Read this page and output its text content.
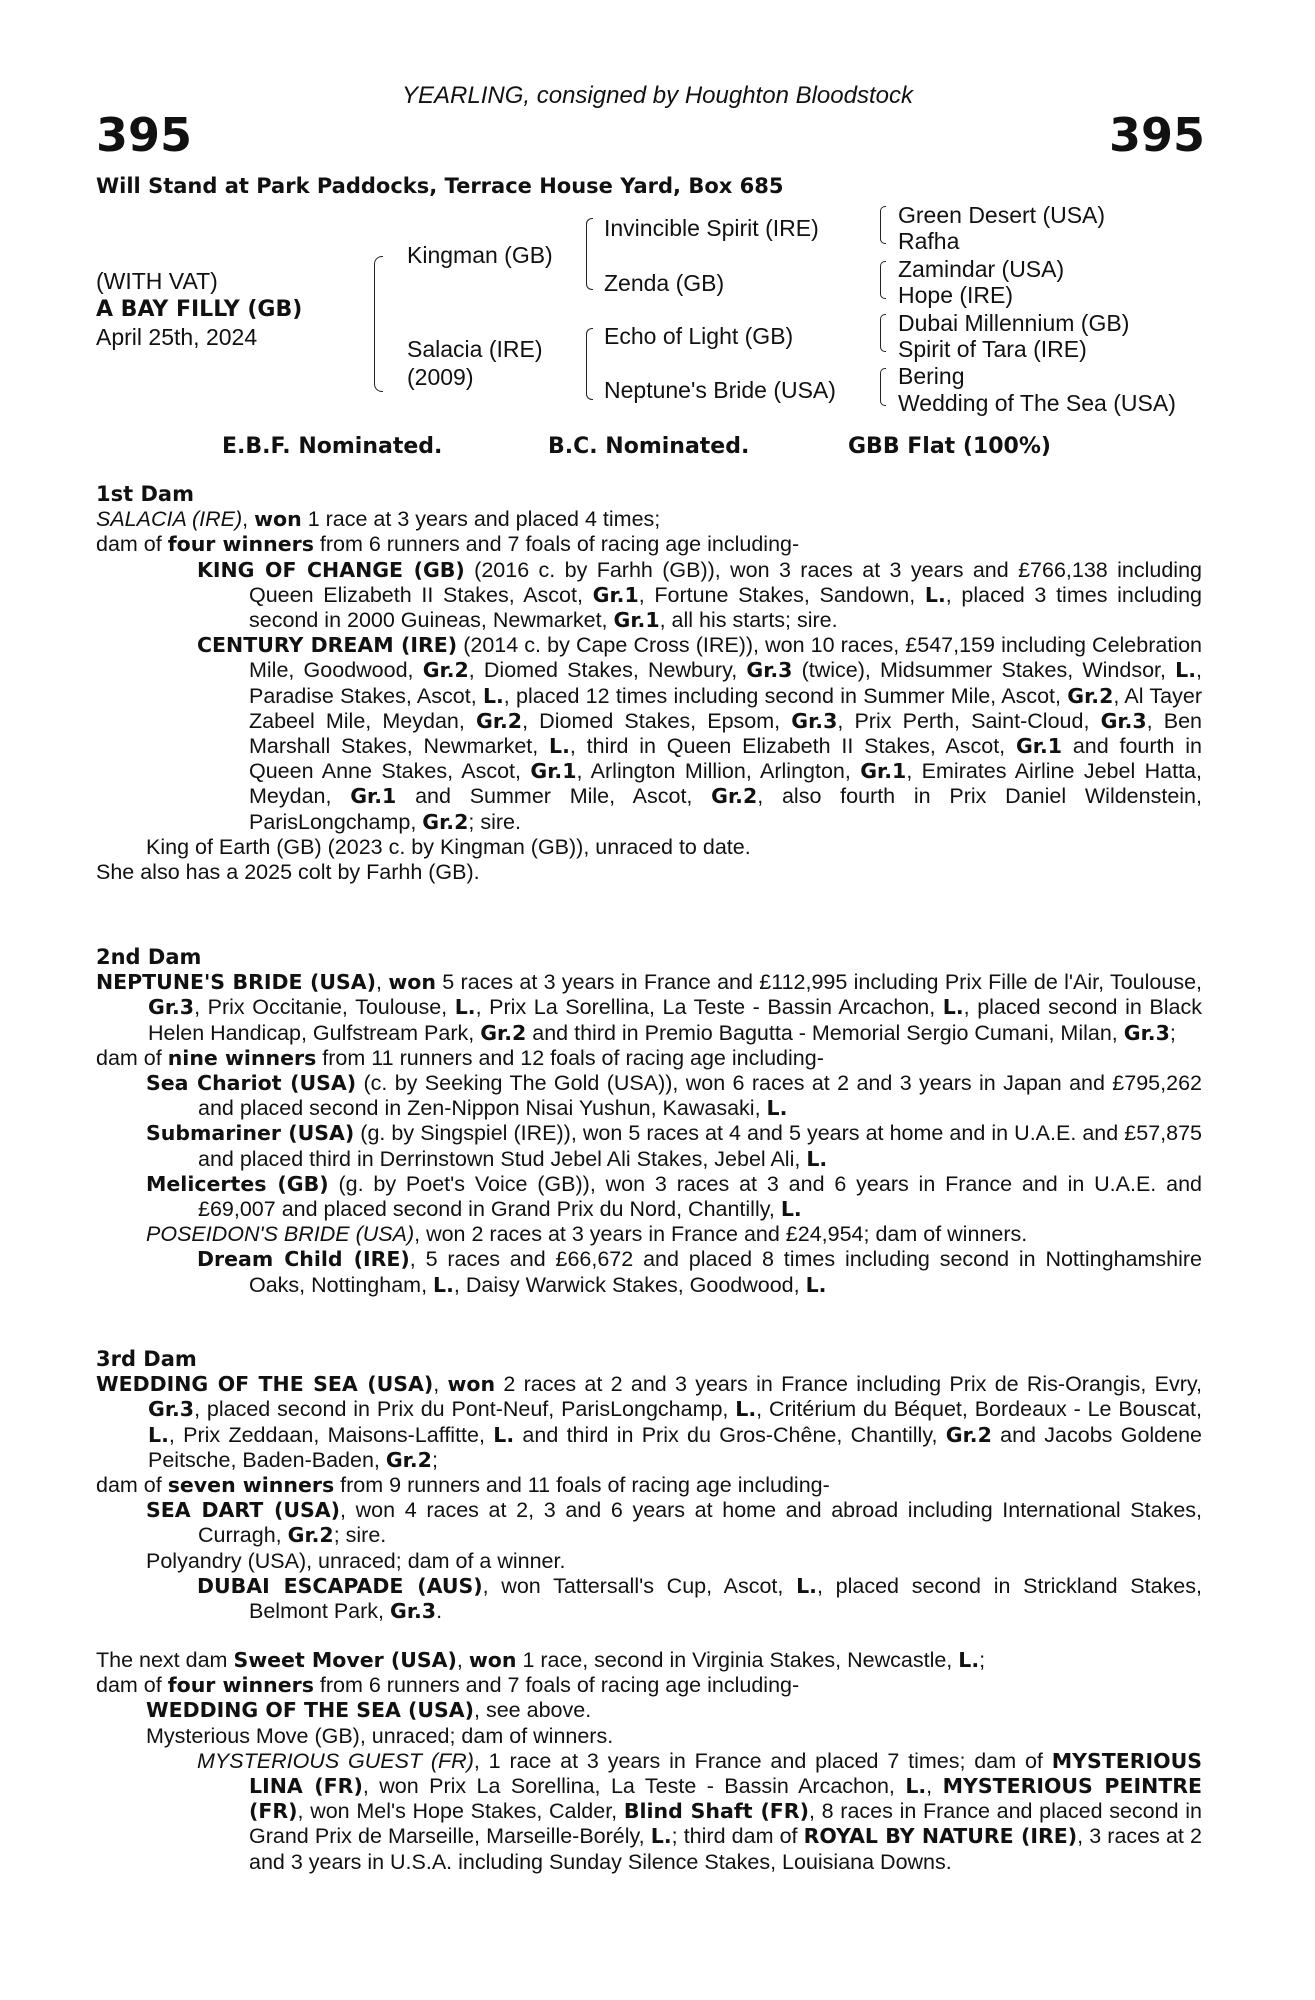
YEARLING, consigned by Houghton Bloodstock
395	395
Will Stand at Park Paddocks, Terrace House Yard, Box 685
(WITH VAT)
A BAY FILLY (GB)
April 25th, 2024
Kingman (GB)
Salacia (IRE)
(2009)
Invincible Spirit (IRE)
Zenda (GB)
Echo of Light (GB)
Neptune's Bride (USA)
Green Desert (USA)
Rafha
Zamindar (USA)
Hope (IRE)
Dubai Millennium (GB)
Spirit of Tara (IRE)
Bering
Wedding of The Sea (USA)
E.B.F. Nominated.	B.C. Nominated.	GBB Flat (100%)
1st Dam

SALACIA (IRE), won 1 race at 3 years and placed 4 times;

dam of four winners from 6 runners and 7 foals of racing age including-

KING OF CHANGE (GB) (2016 c. by Farhh (GB)), won 3 races at 3 years and £766,138 including Queen Elizabeth II Stakes, Ascot, Gr.1, Fortune Stakes, Sandown, L., placed 3 times including second in 2000 Guineas, Newmarket, Gr.1, all his starts; sire.

CENTURY DREAM (IRE) (2014 c. by Cape Cross (IRE)), won 10 races, £547,159 including Celebration Mile, Goodwood, Gr.2, Diomed Stakes, Newbury, Gr.3 (twice), Midsummer Stakes, Windsor, L., Paradise Stakes, Ascot, L., placed 12 times including second in Summer Mile, Ascot, Gr.2, Al Tayer Zabeel Mile, Meydan, Gr.2, Diomed Stakes, Epsom, Gr.3, Prix Perth, Saint-Cloud, Gr.3, Ben Marshall Stakes, Newmarket, L., third in Queen Elizabeth II Stakes, Ascot, Gr.1 and fourth in Queen Anne Stakes, Ascot, Gr.1, Arlington Million, Arlington, Gr.1, Emirates Airline Jebel Hatta, Meydan, Gr.1 and Summer Mile, Ascot, Gr.2, also fourth in Prix Daniel Wildenstein, ParisLongchamp, Gr.2; sire.

King of Earth (GB) (2023 c. by Kingman (GB)), unraced to date.

She also has a 2025 colt by Farhh (GB).

2nd Dam

NEPTUNE'S BRIDE (USA), won 5 races at 3 years in France and £112,995 including Prix Fille de l'Air, Toulouse, Gr.3, Prix Occitanie, Toulouse, L., Prix La Sorellina, La Teste - Bassin Arcachon, L., placed second in Black Helen Handicap, Gulfstream Park, Gr.2 and third in Premio Bagutta - Memorial Sergio Cumani, Milan, Gr.3;

dam of nine winners from 11 runners and 12 foals of racing age including-

Sea Chariot (USA) (c. by Seeking The Gold (USA)), won 6 races at 2 and 3 years in Japan and £795,262 and placed second in Zen-Nippon Nisai Yushun, Kawasaki, L.

Submariner (USA) (g. by Singspiel (IRE)), won 5 races at 4 and 5 years at home and in U.A.E. and £57,875 and placed third in Derrinstown Stud Jebel Ali Stakes, Jebel Ali, L.

Melicertes (GB) (g. by Poet's Voice (GB)), won 3 races at 3 and 6 years in France and in U.A.E. and £69,007 and placed second in Grand Prix du Nord, Chantilly, L.

POSEIDON'S BRIDE (USA), won 2 races at 3 years in France and £24,954; dam of winners.

Dream Child (IRE), 5 races and £66,672 and placed 8 times including second in Nottinghamshire Oaks, Nottingham, L., Daisy Warwick Stakes, Goodwood, L.

3rd Dam

WEDDING OF THE SEA (USA), won 2 races at 2 and 3 years in France including Prix de Ris-Orangis, Evry, Gr.3, placed second in Prix du Pont-Neuf, ParisLongchamp, L., Critérium du Béquet, Bordeaux - Le Bouscat, L., Prix Zeddaan, Maisons-Laffitte, L. and third in Prix du Gros-Chêne, Chantilly, Gr.2 and Jacobs Goldene Peitsche, Baden-Baden, Gr.2;

dam of seven winners from 9 runners and 11 foals of racing age including-

SEA DART (USA), won 4 races at 2, 3 and 6 years at home and abroad including International Stakes, Curragh, Gr.2; sire.

Polyandry (USA), unraced; dam of a winner.

DUBAI ESCAPADE (AUS), won Tattersall's Cup, Ascot, L., placed second in Strickland Stakes, Belmont Park, Gr.3.

The next dam Sweet Mover (USA), won 1 race, second in Virginia Stakes, Newcastle, L.;

dam of four winners from 6 runners and 7 foals of racing age including-

WEDDING OF THE SEA (USA), see above.

Mysterious Move (GB), unraced; dam of winners.

MYSTERIOUS GUEST (FR), 1 race at 3 years in France and placed 7 times; dam of MYSTERIOUS LINA (FR), won Prix La Sorellina, La Teste - Bassin Arcachon, L., MYSTERIOUS PEINTRE (FR), won Mel's Hope Stakes, Calder, Blind Shaft (FR), 8 races in France and placed second in Grand Prix de Marseille, Marseille-Borély, L.; third dam of ROYAL BY NATURE (IRE), 3 races at 2 and 3 years in U.S.A. including Sunday Silence Stakes, Louisiana Downs.
